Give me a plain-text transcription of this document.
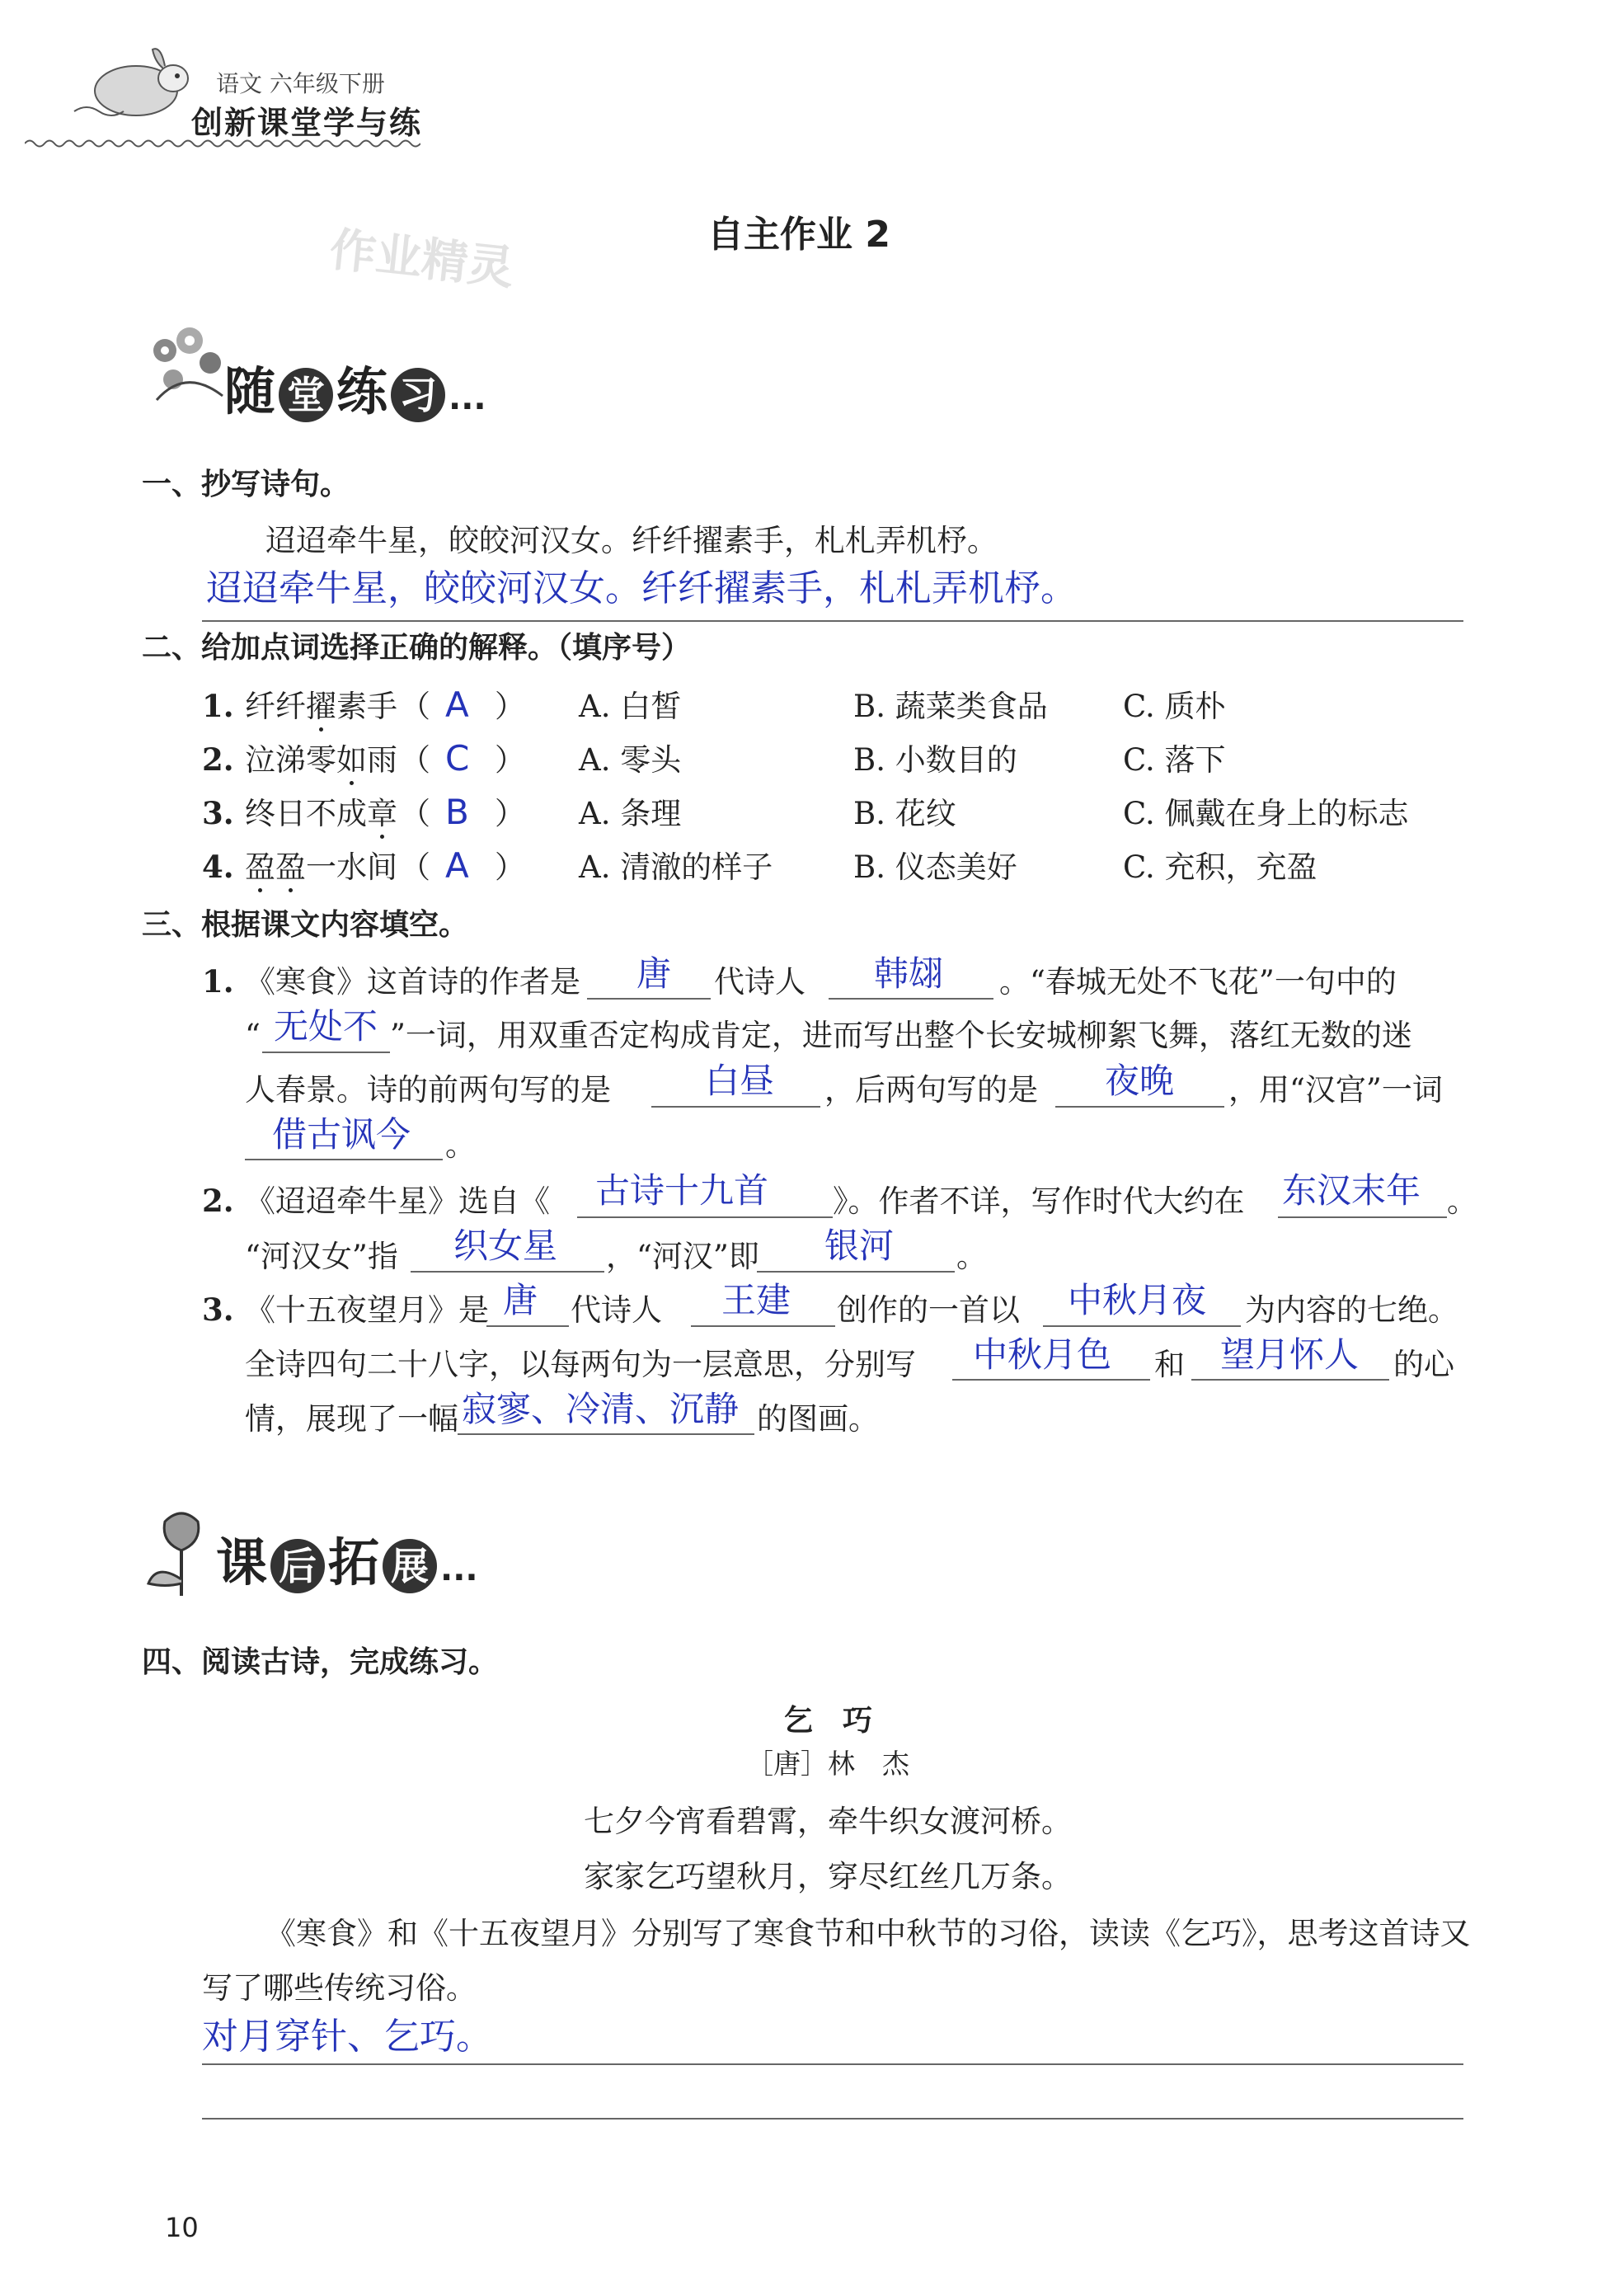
语文 六年级下册
创新课堂学与练
作业精灵	自主作业 2
随 堂 练 习 ...
一、抄写诗句。
迢迢牵牛星，皎皎河汉女。纤纤擢素手，札札弄机杼。
迢迢牵牛星，皎皎河汉女。纤纤擢素手，札札弄机杼。
二、给加点词选择正确的解释。（填序号）
1. 纤纤擢素手 （ A ） A. 白皙	B. 蔬菜类食品 C. 质朴
2. 泣涕零如雨 （ C ） A. 零头	B. 小数目的	C. 落下
3. 终日不成章 （ B ） A. 条理	B. 花纹	C. 佩戴在身上的标志
4. 盈盈一水间 （ A ） A. 清澈的样子	B. 仪态美好	C. 充积，充盈
三、根据课文内容填空。
1. 《寒食》这首诗的作者是 唐 代诗人 韩翃 。“春城无处不飞花”一句中的
“ 无处不 ”一词，用双重否定构成肯定，进而写出整个长安城柳絮飞舞，落红无数的迷
人春景。诗的前两句写的是	白昼 ，后两句写的是 夜晚 ，用“汉宫”一词
借古讽今 。
2. 《迢迢牵牛星》选自《 古诗十九首 》。作者不详，写作时代大约在 东汉末年 。
“河汉女”指 织女星 ，“河汉”即 银河 。
3. 《十五夜望月》是 唐 代诗人 王建 创作的一首以 中秋月夜 为内容的七绝。
全诗四句二十八字，以每两句为一层意思，分别写 中秋月色 和 望月怀人 的心
情，展现了一幅 寂寥、冷清、沉静 的图画。
课 后 拓 展 ...
四、阅读古诗，完成练习。
乞　巧
［唐］林　杰
七夕今宵看碧霄，牵牛织女渡河桥。
家家乞巧望秋月，穿尽红丝几万条。
《寒食》和《十五夜望月》分别写了寒食节和中秋节的习俗，读读《乞巧》，思考这首诗又
写了哪些传统习俗。
对月穿针、乞巧。
10
